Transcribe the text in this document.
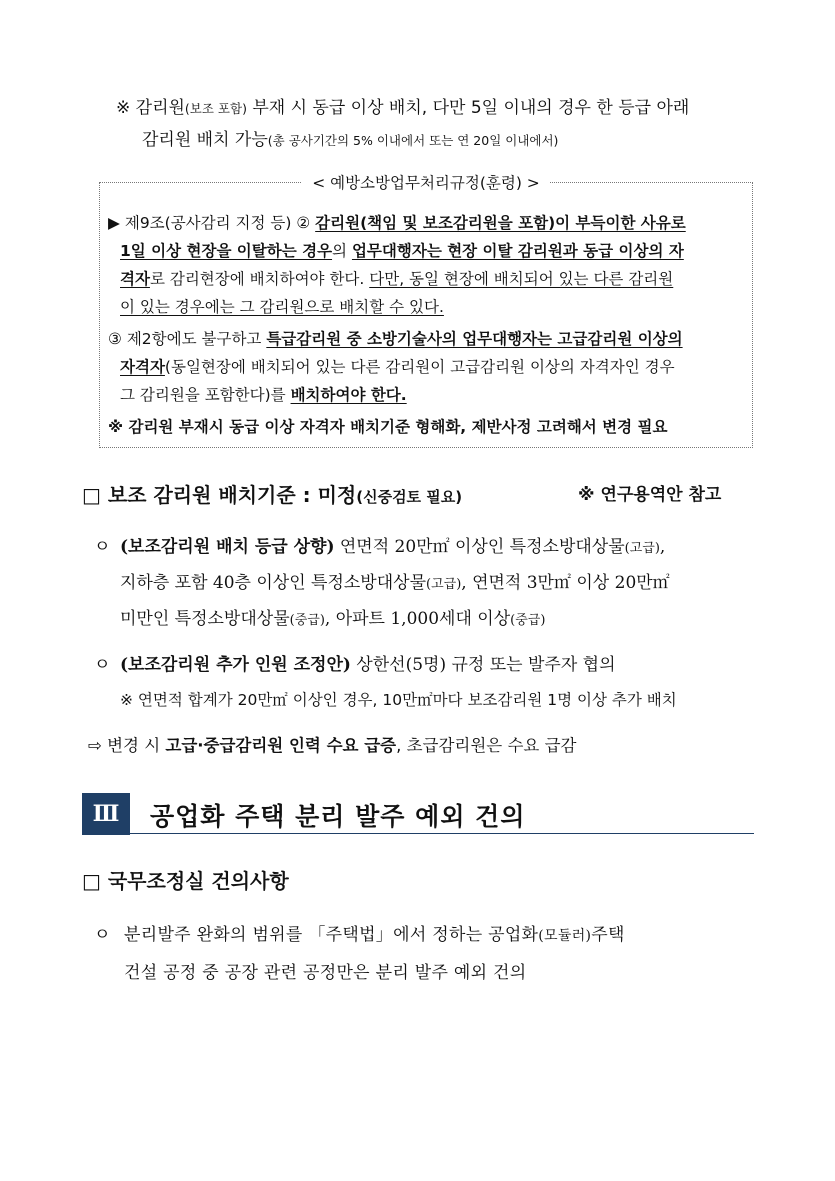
※ 감리원(보조 포함) 부재 시 동급 이상 배치, 다만 5일 이내의 경우 한 등급 아래
감리원 배치 가능(총 공사기간의 5% 이내에서 또는 연 20일 이내에서)
< 예방소방업무처리규정(훈령) >
▶ 제9조(공사감리 지정 등) ② 감리원(책임 및 보조감리원을 포함)이 부득이한 사유로
1일 이상 현장을 이탈하는 경우의 업무대행자는 현장 이탈 감리원과 동급 이상의 자
격자로 감리현장에 배치하여야 한다. 다만, 동일 현장에 배치되어 있는 다른 감리원
이 있는 경우에는 그 감리원으로 배치할 수 있다.
③ 제2항에도 불구하고 특급감리원 중 소방기술사의 업무대행자는 고급감리원 이상의
자격자(동일현장에 배치되어 있는 다른 감리원이 고급감리원 이상의 자격자인 경우
그 감리원을 포함한다)를 배치하여야 한다.
※ 감리원 부재시 동급 이상 자격자 배치기준 형해화, 제반사정 고려해서 변경 필요
□ 보조 감리원 배치기준 : 미정(신중검토 필요)	※ 연구용역안 참고
ㅇ (보조감리원 배치 등급 상향) 연면적 20만㎡ 이상인 특정소방대상물(고급),
지하층 포함 40층 이상인 특정소방대상물(고급), 연면적 3만㎡ 이상 20만㎡
미만인 특정소방대상물(중급), 아파트 1,000세대 이상(중급)
ㅇ (보조감리원 추가 인원 조정안) 상한선(5명) 규정 또는 발주자 협의
※ 연면적 합계가 20만㎡ 이상인 경우, 10만㎡마다 보조감리원 1명 이상 추가 배치
⇨ 변경 시 고급·중급감리원 인력 수요 급증, 초급감리원은 수요 급감
Ⅲ	공업화 주택 분리 발주 예외 건의
□ 국무조정실 건의사항
ㅇ 분리발주 완화의 범위를 「주택법」에서 정하는 공업화(모듈러)주택
건설 공정 중 공장 관련 공정만은 분리 발주 예외 건의
